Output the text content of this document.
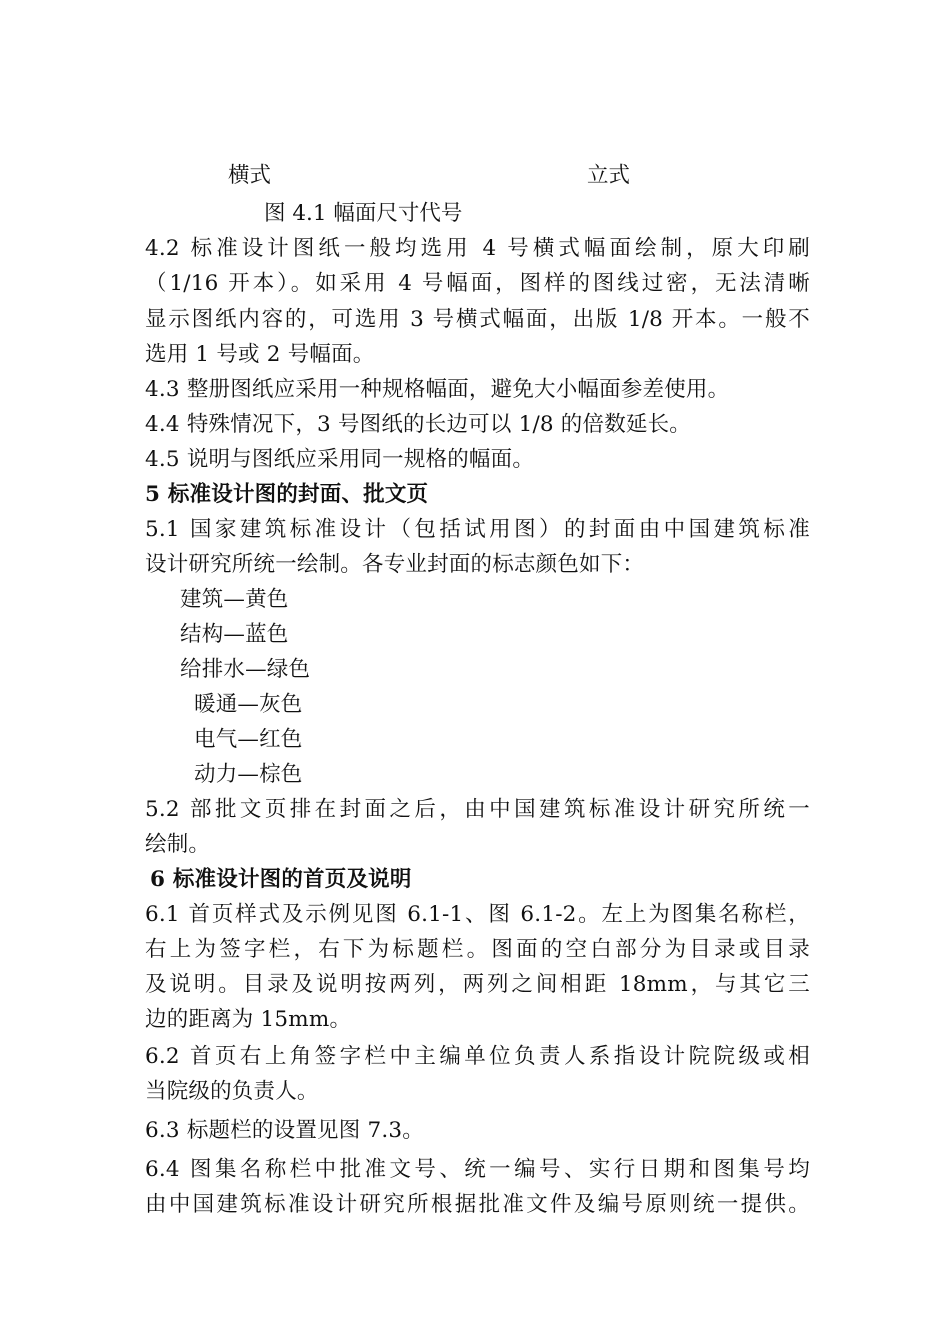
横式	立式
图 4.1 幅面尺寸代号
4.2 标准设计图纸一般均选用 4 号横式幅面绘制，原大印刷
（1/16 开本）。如采用 4 号幅面，图样的图线过密，无法清晰
显示图纸内容的，可选用 3 号横式幅面，出版 1/8 开本。一般不
选用 1 号或 2 号幅面。
4.3 整册图纸应采用一种规格幅面，避免大小幅面参差使用。
4.4 特殊情况下，3 号图纸的长边可以 1/8 的倍数延长。
4.5 说明与图纸应采用同一规格的幅面。
5 标准设计图的封面、批文页
5.1 国家建筑标准设计（包括试用图）的封面由中国建筑标准
设计研究所统一绘制。各专业封面的标志颜色如下：
建筑—黄色
结构—蓝色
给排水—绿色
暖通—灰色
电气—红色
动力—棕色
5.2 部批文页排在封面之后，由中国建筑标准设计研究所统一
绘制。
6 标准设计图的首页及说明
6.1 首页样式及示例见图 6.1-1、图 6.1-2。左上为图集名称栏，
右上为签字栏，右下为标题栏。图面的空白部分为目录或目录
及说明。目录及说明按两列，两列之间相距 18mm，与其它三
边的距离为 15mm。
6.2 首页右上角签字栏中主编单位负责人系指设计院院级或相
当院级的负责人。
6.3 标题栏的设置见图 7.3。
6.4 图集名称栏中批准文号、统一编号、实行日期和图集号均
由中国建筑标准设计研究所根据批准文件及编号原则统一提供。
